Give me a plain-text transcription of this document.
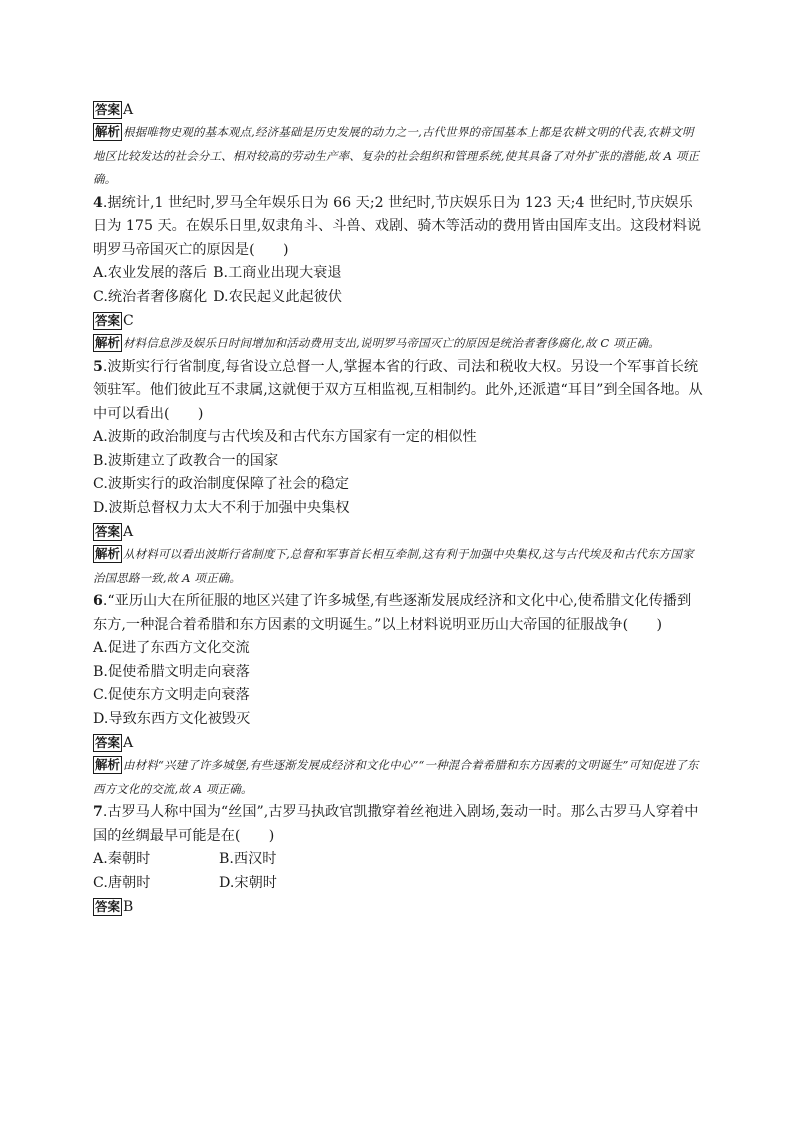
答案 A

解析 根据唯物史观的基本观点,经济基础是历史发展的动力之一,古代世界的帝国基本上都是农耕文明的代表,农耕文明地区比较发达的社会分工、相对较高的劳动生产率、复杂的社会组织和管理系统,使其具备了对外扩张的潜能,故 A 项正确。

4.据统计,1 世纪时,罗马全年娱乐日为 66 天;2 世纪时,节庆娱乐日为 123 天;4 世纪时,节庆娱乐日为 175 天。在娱乐日里,奴隶角斗、斗兽、戏剧、骑木等活动的费用皆由国库支出。这段材料说明罗马帝国灭亡的原因是(　　)

A.农业发展的落后 B.工商业出现大衰退
C.统治者奢侈腐化 D.农民起义此起彼伏
答案 C

解析 材料信息涉及娱乐日时间增加和活动费用支出,说明罗马帝国灭亡的原因是统治者奢侈腐化,故 C 项正确。

5.波斯实行行省制度,每省设立总督一人,掌握本省的行政、司法和税收大权。另设一个军事首长统领驻军。他们彼此互不隶属,这就便于双方互相监视,互相制约。此外,还派遣“耳目”到全国各地。从中可以看出(　　)

A.波斯的政治制度与古代埃及和古代东方国家有一定的相似性

B.波斯建立了政教合一的国家

C.波斯实行的政治制度保障了社会的稳定

D.波斯总督权力太大不利于加强中央集权

答案 A

解析 从材料可以看出波斯行省制度下,总督和军事首长相互牵制,这有利于加强中央集权,这与古代埃及和古代东方国家治国思路一致,故 A 项正确。

6.“亚历山大在所征服的地区兴建了许多城堡,有些逐渐发展成经济和文化中心,使希腊文化传播到东方,一种混合着希腊和东方因素的文明诞生。”以上材料说明亚历山大帝国的征服战争(　　)

A.促进了东西方文化交流

B.促使希腊文明走向衰落

C.促使东方文明走向衰落

D.导致东西方文化被毁灭

答案 A

解析 由材料“兴建了许多城堡,有些逐渐发展成经济和文化中心”“一种混合着希腊和东方因素的文明诞生”可知促进了东西方文化的交流,故 A 项正确。

7.古罗马人称中国为“丝国”,古罗马执政官凯撒穿着丝袍进入剧场,轰动一时。那么古罗马人穿着中国的丝绸最早可能是在(　　)

A.秦朝时	B.西汉时
C.唐朝时	D.宋朝时
答案 B
